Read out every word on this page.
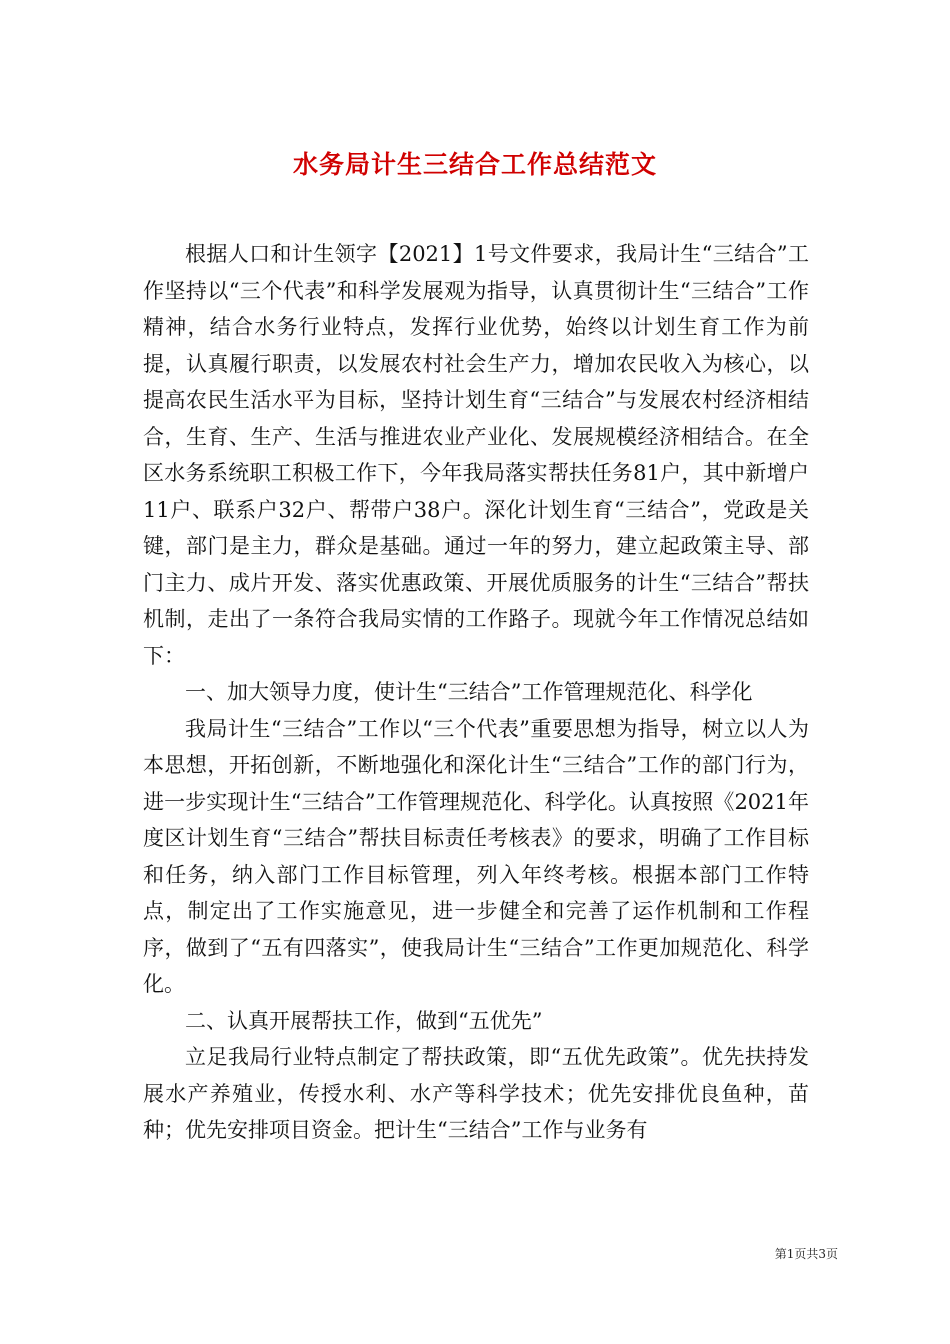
水务局计生三结合工作总结范文

根据人口和计生领字【2021】1号文件要求，我局计生“三结合”工作坚持以“三个代表”和科学发展观为指导，认真贯彻计生“三结合”工作精神，结合水务行业特点，发挥行业优势，始终以计划生育工作为前提，认真履行职责，以发展农村社会生产力，增加农民收入为核心，以提高农民生活水平为目标，坚持计划生育“三结合”与发展农村经济相结合，生育、生产、生活与推进农业产业化、发展规模经济相结合。在全区水务系统职工积极工作下，今年我局落实帮扶任务81户，其中新增户11户、联系户32户、帮带户38户。深化计划生育“三结合”，党政是关键，部门是主力，群众是基础。通过一年的努力，建立起政策主导、部门主力、成片开发、落实优惠政策、开展优质服务的计生“三结合”帮扶机制，走出了一条符合我局实情的工作路子。现就今年工作情况总结如下：

一、加大领导力度，使计生“三结合”工作管理规范化、科学化

我局计生“三结合”工作以“三个代表”重要思想为指导，树立以人为本思想，开拓创新，不断地强化和深化计生“三结合”工作的部门行为，进一步实现计生“三结合”工作管理规范化、科学化。认真按照《2021年度区计划生育“三结合”帮扶目标责任考核表》的要求，明确了工作目标和任务，纳入部门工作目标管理，列入年终考核。根据本部门工作特点，制定出了工作实施意见，进一步健全和完善了运作机制和工作程序，做到了“五有四落实”，使我局计生“三结合”工作更加规范化、科学化。

二、认真开展帮扶工作，做到“五优先”

立足我局行业特点制定了帮扶政策，即“五优先政策”。优先扶持发展水产养殖业，传授水利、水产等科学技术；优先安排优良鱼种，苗种；优先安排项目资金。把计生“三结合”工作与业务有

第1页共3页
